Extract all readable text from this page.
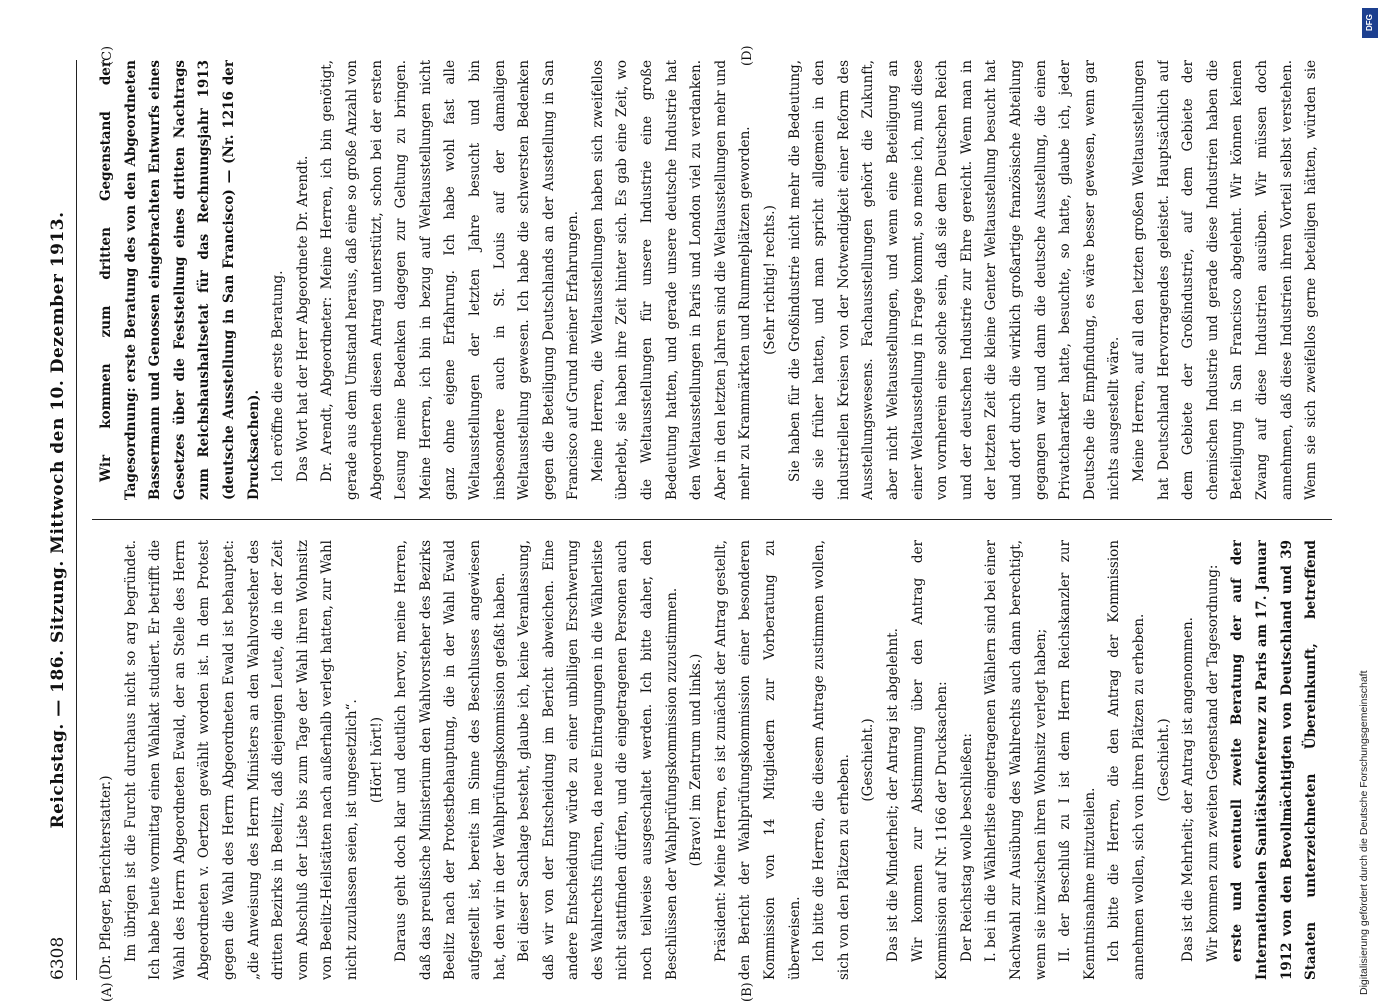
6308
Reichstag. — 186. Sitzung. Mittwoch den 10. Dezember 1913.
(A)	(B)
(C)	(D)

(Dr. Pfleger, Berichterstatter.) Im übrigen ist die Furcht durchaus nicht so arg begründet. Ich habe heute vormittag einen Wahlakt studiert. Er betrifft die Wahl des Herrn Abgeordneten Ewald, der an Stelle des Herrn Abgeordneten v. Oertzen gewählt worden ist. In dem Protest gegen die Wahl des Herrn Abgeordneten Ewald ist behauptet: „die Anweisung des Herrn Ministers an den Wahlvorsteher des dritten Bezirks in Beelitz, daß diejenigen Leute, die in der Zeit vom Abschluß der Liste bis zum Tage der Wahl ihren Wohnsitz von Beelitz-Heilstätten nach außerhalb verlegt hatten, zur Wahl nicht zuzulassen seien, ist ungesetzlich“. (Hört! hört!) Daraus geht doch klar und deutlich hervor, meine Herren, daß das preußische Ministerium den Wahlvorsteher des Bezirks Beelitz nach der Protestbehauptung, die in der Wahl Ewald aufgestellt ist, bereits im Sinne des Beschlusses angewiesen hat, den wir in der Wahlprüfungskommission gefaßt haben. Bei dieser Sachlage besteht, glaube ich, keine Veranlassung, daß wir von der Entscheidung im Bericht abweichen. Eine andere Entscheidung würde zu einer unbilligen Erschwerung des Wahlrechts führen, da neue Eintragungen in die Wählerliste nicht stattfinden dürfen, und die eingetragenen Personen auch noch teilweise ausgeschaltet werden. Ich bitte daher, den Beschlüssen der Wahlprüfungskommission zuzustimmen. (Bravo! im Zentrum und links.) Präsident: Meine Herren, es ist zunächst der Antrag gestellt, den Bericht der Wahlprüfungskommission einer besonderen Kommission von 14 Mitgliedern zur Vorberatung zu überweisen. Ich bitte die Herren, die diesem Antrage zustimmen wollen, sich von den Plätzen zu erheben. (Geschieht.) Das ist die Minderheit; der Antrag ist abgelehnt. Wir kommen zur Abstimmung über den Antrag der Kommission auf Nr. 1166 der Drucksachen: Der Reichstag wolle beschließen: I. bei in die Wählerliste eingetragenen Wählern sind bei einer Nachwahl zur Ausübung des Wahlrechts auch dann berechtigt, wenn sie inzwischen ihren Wohnsitz verlegt haben; II. der Beschluß zu I ist dem Herrn Reichskanzler zur Kenntnisnahme mitzuteilen. Ich bitte die Herren, die den Antrag der Kommission annehmen wollen, sich von ihren Plätzen zu erheben. (Geschieht.) Das ist die Mehrheit; der Antrag ist angenommen. Wir kommen zum zweiten Gegenstand der Tagesordnung: erste und eventuell zweite Beratung der auf der Internationalen Sanitätskonferenz zu Paris am 17. Januar 1912 von den Bevollmächtigten von Deutschland und 39 Staaten unterzeichneten Übereinkunft, betreffend

Wir kommen zum dritten Gegenstand der Tagesordnung: erste Beratung des von den Abgeordneten Bassermann und Genossen eingebrachten Entwurfs eines Gesetzes über die Feststellung eines dritten Nachtrags zum Reichshaushaltsetat für das Rechnungsjahr 1913 (deutsche Ausstellung in San Francisco) — (Nr. 1216 der Drucksachen). Ich eröffne die erste Beratung. Das Wort hat der Herr Abgeordnete Dr. Arendt. Dr. Arendt, Abgeordneter: Meine Herren, ich bin genötigt, gerade aus dem Umstand heraus, daß eine so große Anzahl von Abgeordneten diesen Antrag unterstützt, schon bei der ersten Lesung meine Bedenken dagegen zur Geltung zu bringen. Meine Herren, ich bin in bezug auf Weltausstellungen nicht ganz ohne eigene Erfahrung. Ich habe wohl fast alle Weltausstellungen der letzten Jahre besucht und bin insbesondere auch in St. Louis auf der damaligen Weltausstellung gewesen. Ich habe die schwersten Bedenken gegen die Beteiligung Deutschlands an der Ausstellung in San Francisco auf Grund meiner Erfahrungen. Meine Herren, die Weltausstellungen haben sich zweifellos überlebt, sie haben ihre Zeit hinter sich. Es gab eine Zeit, wo die Weltausstellungen für unsere Industrie eine große Bedeutung hatten, und gerade unsere deutsche Industrie hat den Weltausstellungen in Paris und London viel zu verdanken. Aber in den letzten Jahren sind die Weltausstellungen mehr und mehr zu Krammärkten und Rummelplätzen geworden. (Sehr richtig! rechts.) Sie haben für die Großindustrie nicht mehr die Bedeutung, die sie früher hatten, und man spricht allgemein in den industriellen Kreisen von der Notwendigkeit einer Reform des Ausstellungswesens. Fachausstellungen gehört die Zukunft, aber nicht Weltausstellungen, und wenn eine Beteiligung an einer Weltausstellung in Frage kommt, so meine ich, muß diese von vornherein eine solche sein, daß sie dem Deutschen Reich und der deutschen Industrie zur Ehre gereicht. Wenn man in der letzten Zeit die kleine Genter Weltausstellung besucht hat und dort durch die wirklich großartige französische Abteilung gegangen war und dann die deutsche Ausstellung, die einen Privatcharakter hatte, besuchte, so hatte, glaube ich, jeder Deutsche die Empfindung, es wäre besser gewesen, wenn gar nichts ausgestellt wäre. Meine Herren, auf all den letzten großen Weltausstellungen hat Deutschland Hervorragendes geleistet. Hauptsächlich auf dem Gebiete der Großindustrie, auf dem Gebiete der chemischen Industrie und gerade diese Industrien haben die Beteiligung in San Francisco abgelehnt. Wir können keinen Zwang auf diese Industrien ausüben. Wir müssen doch annehmen, daß diese Industrien ihren Vorteil selbst verstehen. Wenn sie sich zweifellos gerne beteiligen hätten, würden sie

DFG
Digitalisierung gefördert durch die Deutsche Forschungsgemeinschaft
